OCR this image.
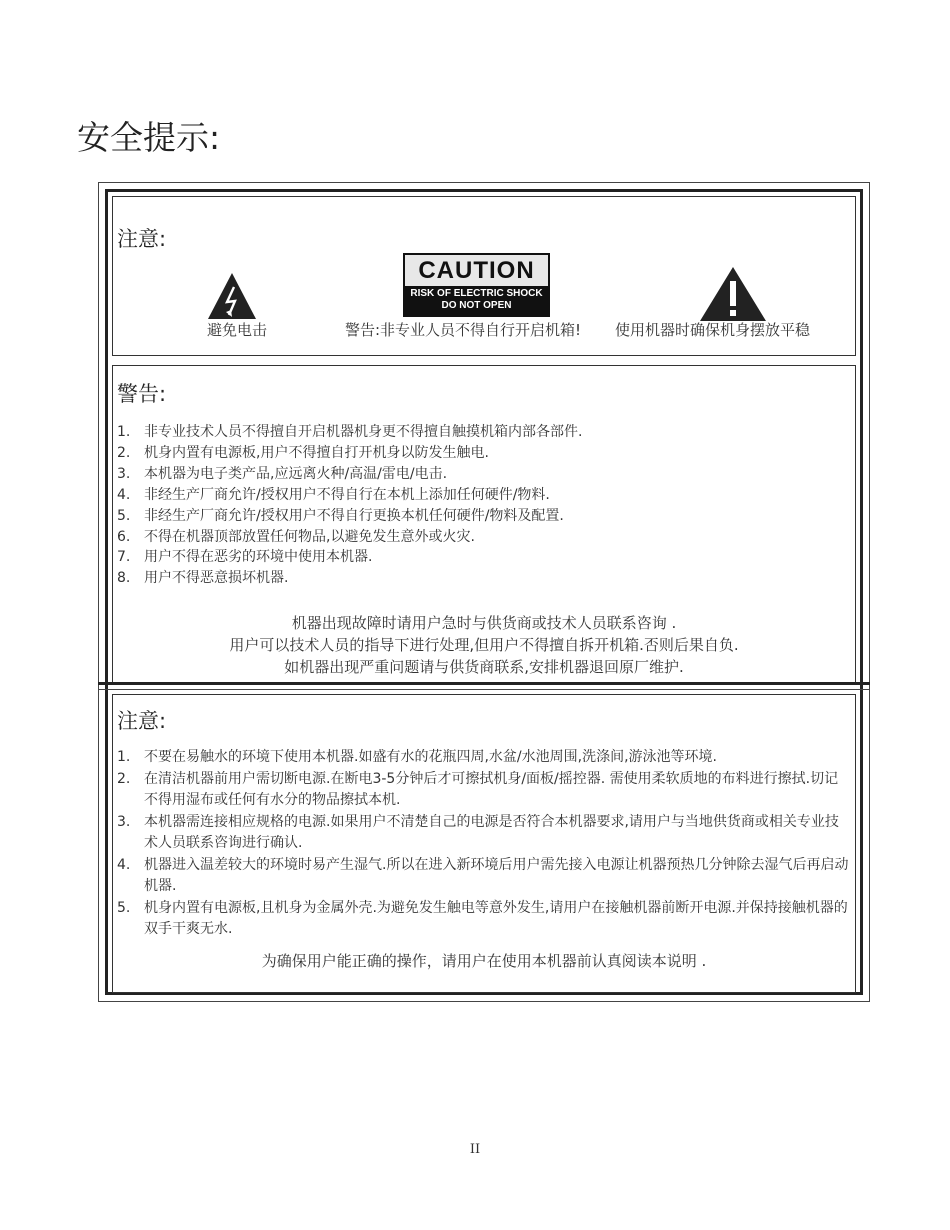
安全提示:
注意:
CAUTION
RISK OF ELECTRIC SHOCK
DO NOT OPEN
避免电击	警告:非专业人员不得自行开启机箱! 使用机器时确保机身摆放平稳
警告:
1. 非专业技术人员不得擅自开启机器机身更不得擅自触摸机箱内部各部件.
2. 机身内置有电源板,用户不得擅自打开机身以防发生触电.
3. 本机器为电子类产品,应远离火种/高温/雷电/电击.
4. 非经生产厂商允许/授权用户不得自行在本机上添加任何硬件/物料.
5. 非经生产厂商允许/授权用户不得自行更换本机任何硬件/物料及配置.
6. 不得在机器顶部放置任何物品,以避免发生意外或火灾.
7. 用户不得在恶劣的环境中使用本机器.
8. 用户不得恶意损坏机器.
机器出现故障时请用户急时与供货商或技术人员联系咨询 .
用户可以技术人员的指导下进行处理,但用户不得擅自拆开机箱.否则后果自负.
如机器出现严重问题请与供货商联系,安排机器退回原厂维护.
注意:
1. 不要在易触水的环境下使用本机器.如盛有水的花瓶四周,水盆/水池周围,洗涤间,游泳池等环境.
2. 在清洁机器前用户需切断电源.在断电3-5分钟后才可擦拭机身/面板/摇控器. 需使用柔软质地的布料进行擦拭.切记不得用湿布或任何有水分的物品擦拭本机.
3. 本机器需连接相应规格的电源.如果用户不清楚自己的电源是否符合本机器要求,请用户与当地供货商或相关专业技术人员联系咨询进行确认.
4. 机器进入温差较大的环境时易产生湿气.所以在进入新环境后用户需先接入电源让机器预热几分钟除去湿气后再启动机器.
5. 机身内置有电源板,且机身为金属外壳.为避免发生触电等意外发生,请用户在接触机器前断开电源.并保持接触机器的双手干爽无水.
为确保用户能正确的操作，请用户在使用本机器前认真阅读本说明 .
II
